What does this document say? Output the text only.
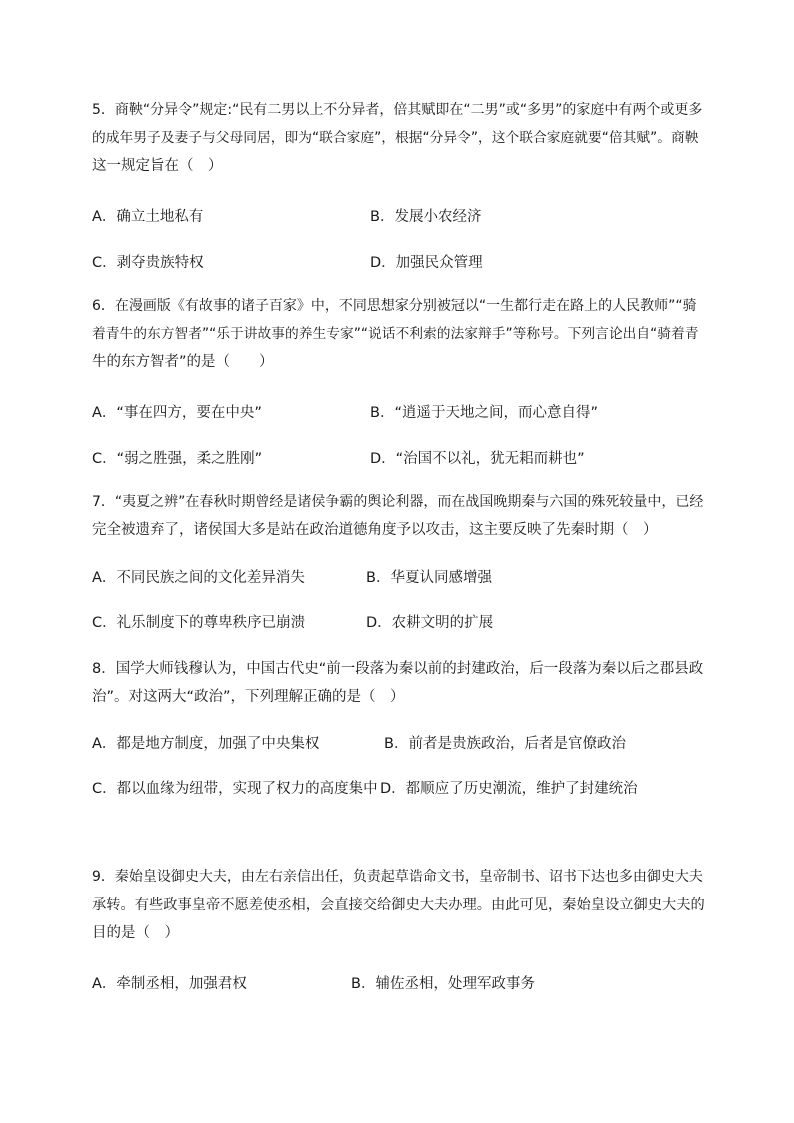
5．商鞅“分异令”规定:“民有二男以上不分异者，倍其赋即在“二男”或“多男”的家庭中有两个或更多

的成年男子及妻子与父母同居，即为“联合家庭”，根据“分异令”，这个联合家庭就要“倍其赋”。商鞅

这一规定旨在（　）

A．确立土地私有	B．发展小农经济
C．剥夺贵族特权	D．加强民众管理

6．在漫画版《有故事的诸子百家》中，不同思想家分别被冠以“一生都行走在路上的人民教师”“骑

着青牛的东方智者”“乐于讲故事的养生专家”“说话不利索的法家辩手”等称号。下列言论出自“骑着青

牛的东方智者”的是（　　）

A．“事在四方，要在中央”	B．“逍遥于天地之间，而心意自得”
C．“弱之胜强，柔之胜刚”	D．“治国不以礼，犹无耜而耕也”

7．“夷夏之辨”在春秋时期曾经是诸侯争霸的舆论利器，而在战国晚期秦与六国的殊死较量中，已经

完全被遗弃了，诸侯国大多是站在政治道德角度予以攻击，这主要反映了先秦时期（　）

A．不同民族之间的文化差异消失	B．华夏认同感增强
C．礼乐制度下的尊卑秩序已崩溃	D．农耕文明的扩展

8．国学大师钱穆认为，中国古代史“前一段落为秦以前的封建政治，后一段落为秦以后之郡县政

治”。对这两大“政治”，下列理解正确的是（　）

A．都是地方制度，加强了中央集权	B．前者是贵族政治，后者是官僚政治
C．都以血缘为纽带，实现了权力的高度集中 D．都顺应了历史潮流，维护了封建统治

9．秦始皇设御史大夫，由左右亲信出任，负责起草诰命文书，皇帝制书、诏书下达也多由御史大夫

承转。有些政事皇帝不愿差使丞相，会直接交给御史大夫办理。由此可见，秦始皇设立御史大夫的

目的是（　）

A．牵制丞相，加强君权	B．辅佐丞相，处理军政事务
